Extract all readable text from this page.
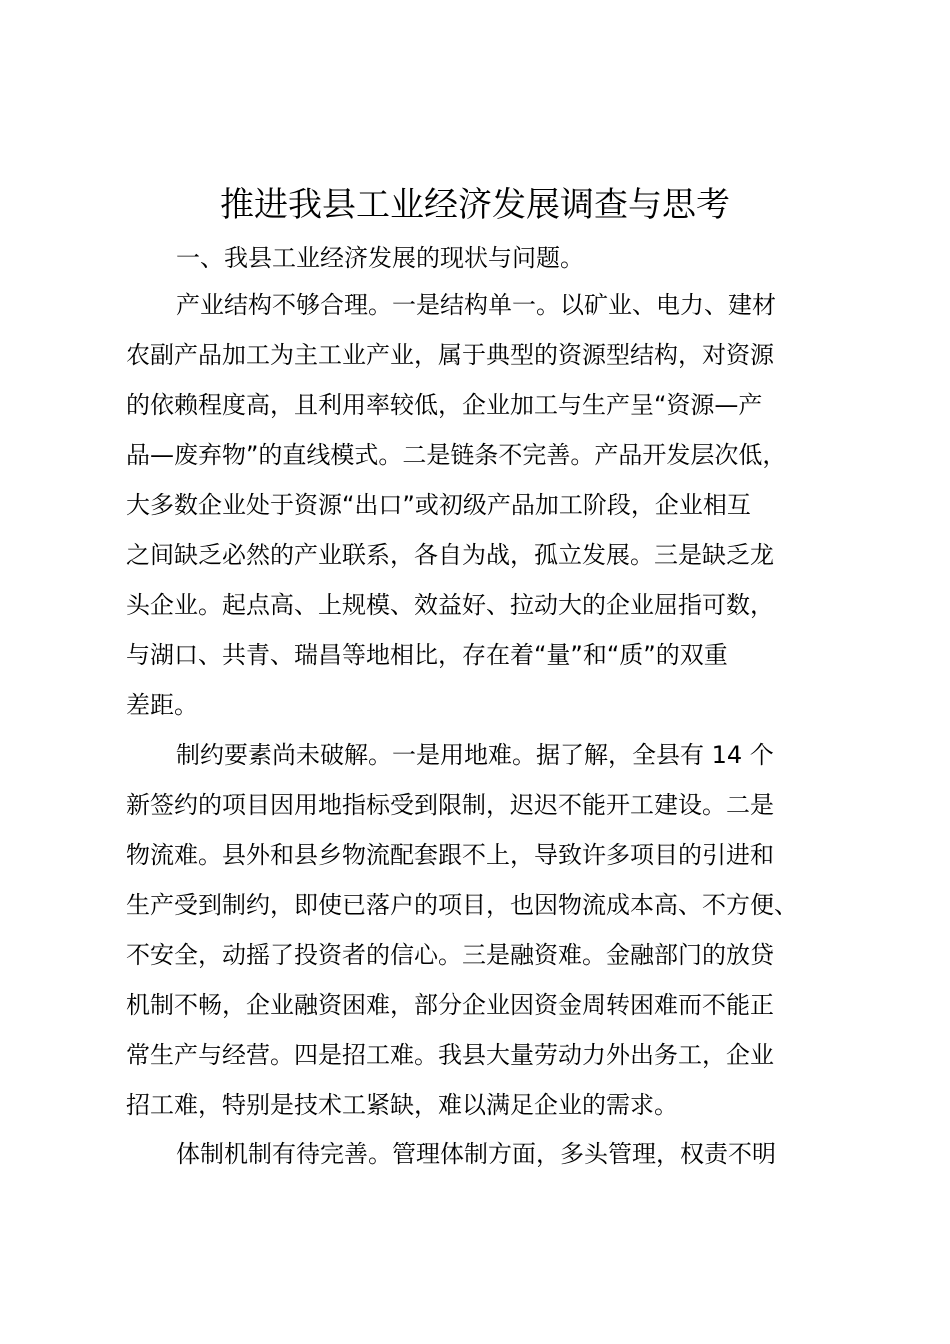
推进我县工业经济发展调查与思考
一、我县工业经济发展的现状与问题。
产业结构不够合理。一是结构单一。以矿业、电力、建材
农副产品加工为主工业产业，属于典型的资源型结构，对资源
的依赖程度高，且利用率较低，企业加工与生产呈“资源—产
品—废弃物”的直线模式。二是链条不完善。产品开发层次低，
大多数企业处于资源“出口”或初级产品加工阶段，企业相互
之间缺乏必然的产业联系，各自为战，孤立发展。三是缺乏龙
头企业。起点高、上规模、效益好、拉动大的企业屈指可数，
与湖口、共青、瑞昌等地相比，存在着“量”和“质”的双重
差距。
制约要素尚未破解。一是用地难。据了解，全县有 14 个
新签约的项目因用地指标受到限制，迟迟不能开工建设。二是
物流难。县外和县乡物流配套跟不上，导致许多项目的引进和
生产受到制约，即使已落户的项目，也因物流成本高、不方便、
不安全，动摇了投资者的信心。三是融资难。金融部门的放贷
机制不畅，企业融资困难，部分企业因资金周转困难而不能正
常生产与经营。四是招工难。我县大量劳动力外出务工，企业
招工难，特别是技术工紧缺，难以满足企业的需求。
体制机制有待完善。管理体制方面，多头管理，权责不明
